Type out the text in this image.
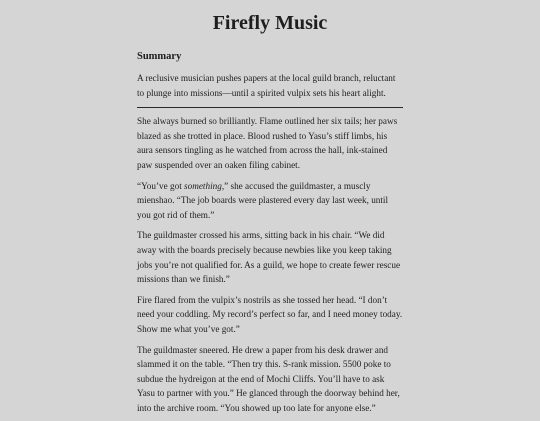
Firefly Music
Summary

A reclusive musician pushes papers at the local guild branch, reluctant to plunge into missions—until a spirited vulpix sets his heart alight.

She always burned so brilliantly. Flame outlined her six tails; her paws blazed as she trotted in place. Blood rushed to Yasu’s stiff limbs, his aura sensors tingling as he watched from across the hall, ink-stained paw suspended over an oaken filing cabinet.

“You’ve got something,” she accused the guildmaster, a muscly mienshao. “The job boards were plastered every day last week, until you got rid of them.”

The guildmaster crossed his arms, sitting back in his chair. “We did away with the boards precisely because newbies like you keep taking jobs you’re not qualified for. As a guild, we hope to create fewer rescue missions than we finish.”

Fire flared from the vulpix’s nostrils as she tossed her head. “I don’t need your coddling. My record’s perfect so far, and I need money today. Show me what you’ve got.”

The guildmaster sneered. He drew a paper from his desk drawer and slammed it on the table. “Then try this. S-rank mission. 5500 poke to subdue the hydreigon at the end of Mochi Cliffs. You’ll have to ask Yasu to partner with you.” He glanced through the doorway behind her, into the archive room. “You showed up too late for anyone else.”
